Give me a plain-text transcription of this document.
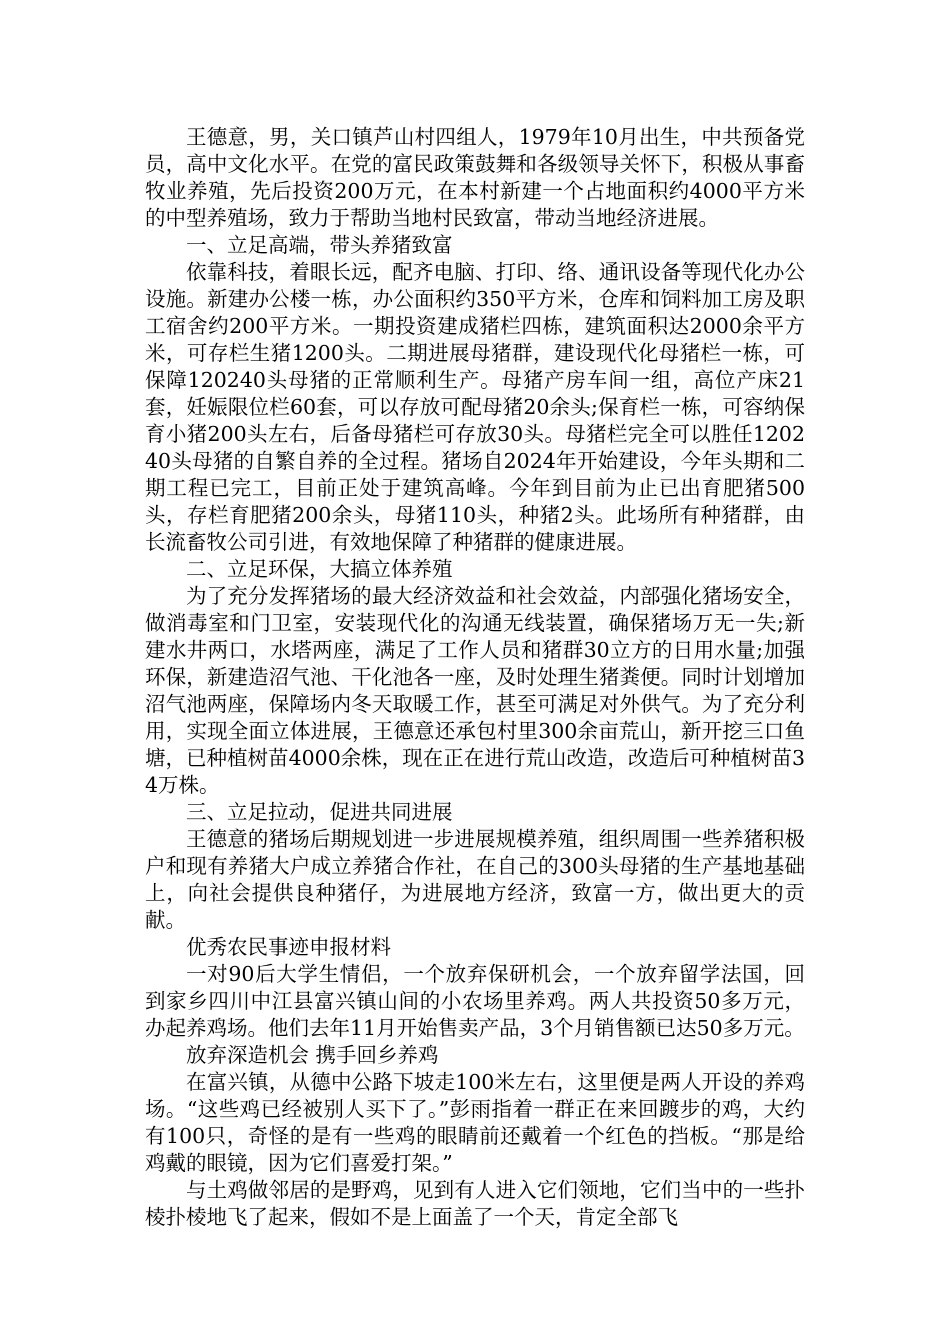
王德意，男，关口镇芦山村四组人，1979年10月出生，中共预备党员，高中文化水平。在党的富民政策鼓舞和各级领导关怀下，积极从事畜牧业养殖，先后投资200万元，在本村新建一个占地面积约4000平方米的中型养殖场，致力于帮助当地村民致富，带动当地经济进展。

一、立足高端，带头养猪致富

依靠科技，着眼长远，配齐电脑、打印、络、通讯设备等现代化办公设施。新建办公楼一栋，办公面积约350平方米，仓库和饲料加工房及职工宿舍约200平方米。一期投资建成猪栏四栋，建筑面积达2000余平方米，可存栏生猪1200头。二期进展母猪群，建设现代化母猪栏一栋，可保障120240头母猪的正常顺利生产。母猪产房车间一组，高位产床21套，妊娠限位栏60套，可以存放可配母猪20余头;保育栏一栋，可容纳保育小猪200头左右，后备母猪栏可存放30头。母猪栏完全可以胜任120240头母猪的自繁自养的全过程。猪场自2024年开始建设，今年头期和二期工程已完工，目前正处于建筑高峰。今年到目前为止已出育肥猪500头，存栏育肥猪200余头，母猪110头，种猪2头。此场所有种猪群，由长流畜牧公司引进，有效地保障了种猪群的健康进展。

二、立足环保，大搞立体养殖

为了充分发挥猪场的最大经济效益和社会效益，内部强化猪场安全，做消毒室和门卫室，安装现代化的沟通无线装置，确保猪场万无一失;新建水井两口，水塔两座，满足了工作人员和猪群30立方的日用水量;加强环保，新建造沼气池、干化池各一座，及时处理生猪粪便。同时计划增加沼气池两座，保障场内冬天取暖工作，甚至可满足对外供气。为了充分利用，实现全面立体进展，王德意还承包村里300余亩荒山，新开挖三口鱼塘，已种植树苗4000余株，现在正在进行荒山改造，改造后可种植树苗34万株。

三、立足拉动，促进共同进展

王德意的猪场后期规划进一步进展规模养殖，组织周围一些养猪积极户和现有养猪大户成立养猪合作社，在自己的300头母猪的生产基地基础上，向社会提供良种猪仔，为进展地方经济，致富一方，做出更大的贡献。

优秀农民事迹申报材料

一对90后大学生情侣，一个放弃保研机会，一个放弃留学法国，回到家乡四川中江县富兴镇山间的小农场里养鸡。两人共投资50多万元，办起养鸡场。他们去年11月开始售卖产品，3个月销售额已达50多万元。

放弃深造机会 携手回乡养鸡

在富兴镇，从德中公路下坡走100米左右，这里便是两人开设的养鸡场。“这些鸡已经被别人买下了。”彭雨指着一群正在来回踱步的鸡，大约有100只，奇怪的是有一些鸡的眼睛前还戴着一个红色的挡板。“那是给鸡戴的眼镜，因为它们喜爱打架。”

与土鸡做邻居的是野鸡，见到有人进入它们领地，它们当中的一些扑棱扑棱地飞了起来，假如不是上面盖了一个天，肯定全部飞
